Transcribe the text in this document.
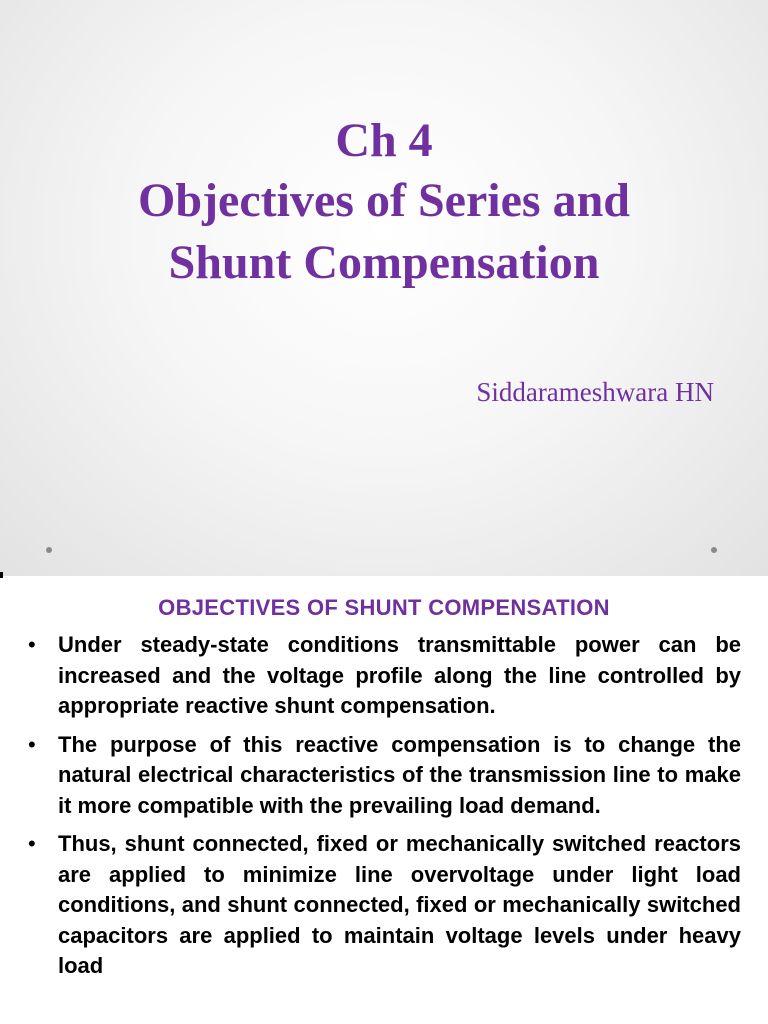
Ch 4
Objectives of Series and
Shunt Compensation

Siddarameshwara HN

OBJECTIVES OF SHUNT COMPENSATION
• Under steady-state conditions transmittable power can be increased and the voltage profile along the line controlled by appropriate reactive shunt compensation.
• The purpose of this reactive compensation is to change the natural electrical characteristics of the transmission line to make it more compatible with the prevailing load demand.
• Thus, shunt connected, fixed or mechanically switched reactors are applied to minimize line overvoltage under light load conditions, and shunt connected, fixed or mechanically switched capacitors are applied to maintain voltage levels under heavy load
